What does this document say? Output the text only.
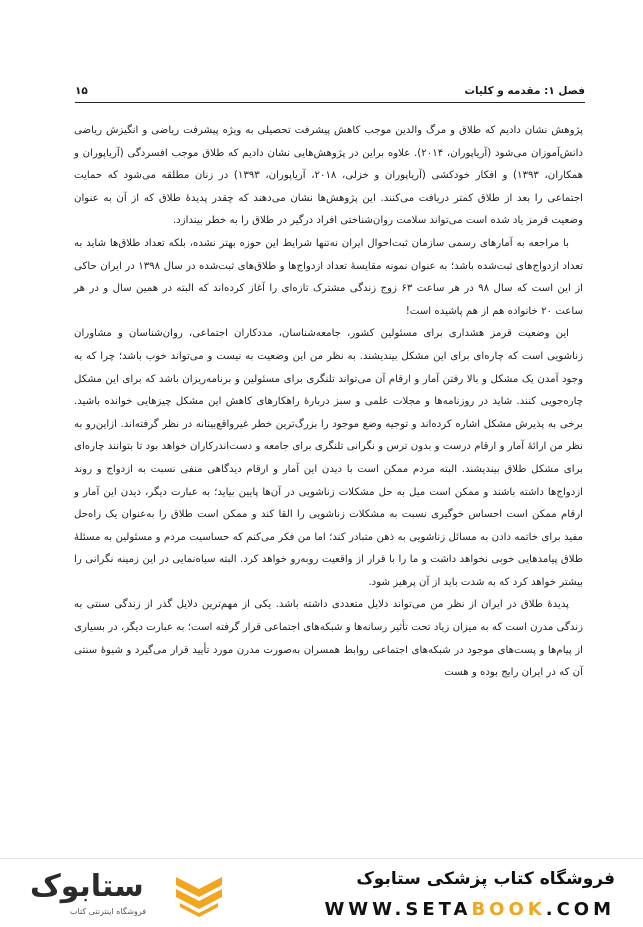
فصل ۱: مقدمه و کلیات
۱۵

پژوهش نشان دادیم که طلاق و مرگ والدین موجب کاهش پیشرفت تحصیلی به ویژه پیشرفت ریاضی و انگیزش ریاضی دانش‌آموزان می‌شود (آریاپوران، ۲۰۱۴). علاوه براین در پژوهش‌هایی نشان دادیم که طلاق موجب افسردگی (آریاپوران و همکاران، ۱۳۹۳) و افکار خودکشی (آریاپوران و خزلی، ۲۰۱۸، آریاپوران، ۱۳۹۳) در زنان مطلقه می‌شود که حمایت اجتماعی را بعد از طلاق کمتر دریافت می‌کنند. این پژوهش‌ها نشان می‌دهند که چقدر پدیدهٔ طلاق که از آن به عنوان وضعیت قرمز یاد شده است می‌تواند سلامت روان‌شناختی افراد درگیر در طلاق را به خطر بیندازد.

با مراجعه به آمارهای رسمی سازمان ثبت‌احوال ایران نه‌تنها شرایط این حوزه بهتر نشده، بلکه تعداد طلاق‌ها شاید به تعداد ازدواج‌های ثبت‌شده باشد؛ به عنوان نمونه مقایسهٔ تعداد ازدواج‌ها و طلاق‌های ثبت‌شده در سال ۱۳۹۸ در ایران حاکی از این است که سال ۹۸ در هر ساعت ۶۳ زوج زندگی مشترک تازه‌ای را آغاز کرده‌اند که البته در همین سال و در هر ساعت ۲۰ خانواده هم از هم پاشیده است!

این وضعیت قرمز هشداری برای مسئولین کشور، جامعه‌شناسان، مددکاران اجتماعی، روان‌شناسان و مشاوران زناشویی است که چاره‌ای برای این مشکل بیندیشند. به نظر من این وضعیت به نیست و می‌تواند خوب باشد؛ چرا که به وجود آمدن یک مشکل و بالا رفتن آمار و ارقام آن می‌تواند تلنگری برای مسئولین و برنامه‌ریزان باشد که برای این مشکل چاره‌جویی کنند. شاید در روزنامه‌ها و مجلات علمی و سبز دربارهٔ راهکارهای کاهش این مشکل چیزهایی خوانده باشید. برخی به پذیرش مشکل اشاره کرده‌اند و توجیه وضع موجود را بزرگ‌ترین خطر غیرواقع‌بینانه در نظر گرفته‌اند. ازاین‌رو به نظر من ارائهٔ آمار و ارقام درست و بدون ترس و نگرانی تلنگری برای جامعه و دست‌اندرکاران خواهد بود تا بتوانند چاره‌ای برای مشکل طلاق بیندیشند. البته مردم ممکن است با دیدن این آمار و ارقام دیدگاهی منفی نسبت به ازدواج و روند ازدواج‌ها داشته باشند و ممکن است میل به حل مشکلات زناشویی در آن‌ها پایین بیاید؛ به عبارت دیگر، دیدن این آمار و ارقام ممکن است احساس خوگیری نسبت به مشکلات زناشویی را القا کند و ممکن است طلاق را به‌عنوان یک راه‌حل مفید برای خاتمه دادن به مسائل زناشویی به ذهن متبادر کند؛ اما من فکر می‌کنم که حساسیت مردم و مسئولین به مسئلهٔ طلاق پیامدهایی خوبی نخواهد داشت و ما را با قرار از واقعیت روبه‌رو خواهد کرد. البته سیاه‌نمایی در این زمینه نگرانی را بیشتر خواهد کرد که به شدت باید از آن پرهیز شود.

پدیدهٔ طلاق در ایران از نظر من می‌تواند دلایل متعددی داشته باشد. یکی از مهم‌ترین دلایل گذر از زندگی سنتی به زندگی مدرن است که به میزان زیاد تحت تأثیر رسانه‌ها و شبکه‌های اجتماعی قرار گرفته است؛ به عبارت دیگر، در بسیاری از پیام‌ها و پست‌های موجود در شبکه‌های اجتماعی روابط همسران به‌صورت مدرن مورد تأیید قرار می‌گیرد و شیوهٔ سنتی آن که در ایران رایج بوده و هست

ستابوک
فروشگاه اینترنتی کتاب
فروشگاه کتاب پزشکی ستابوک
WWW.SETABOOK.COM
